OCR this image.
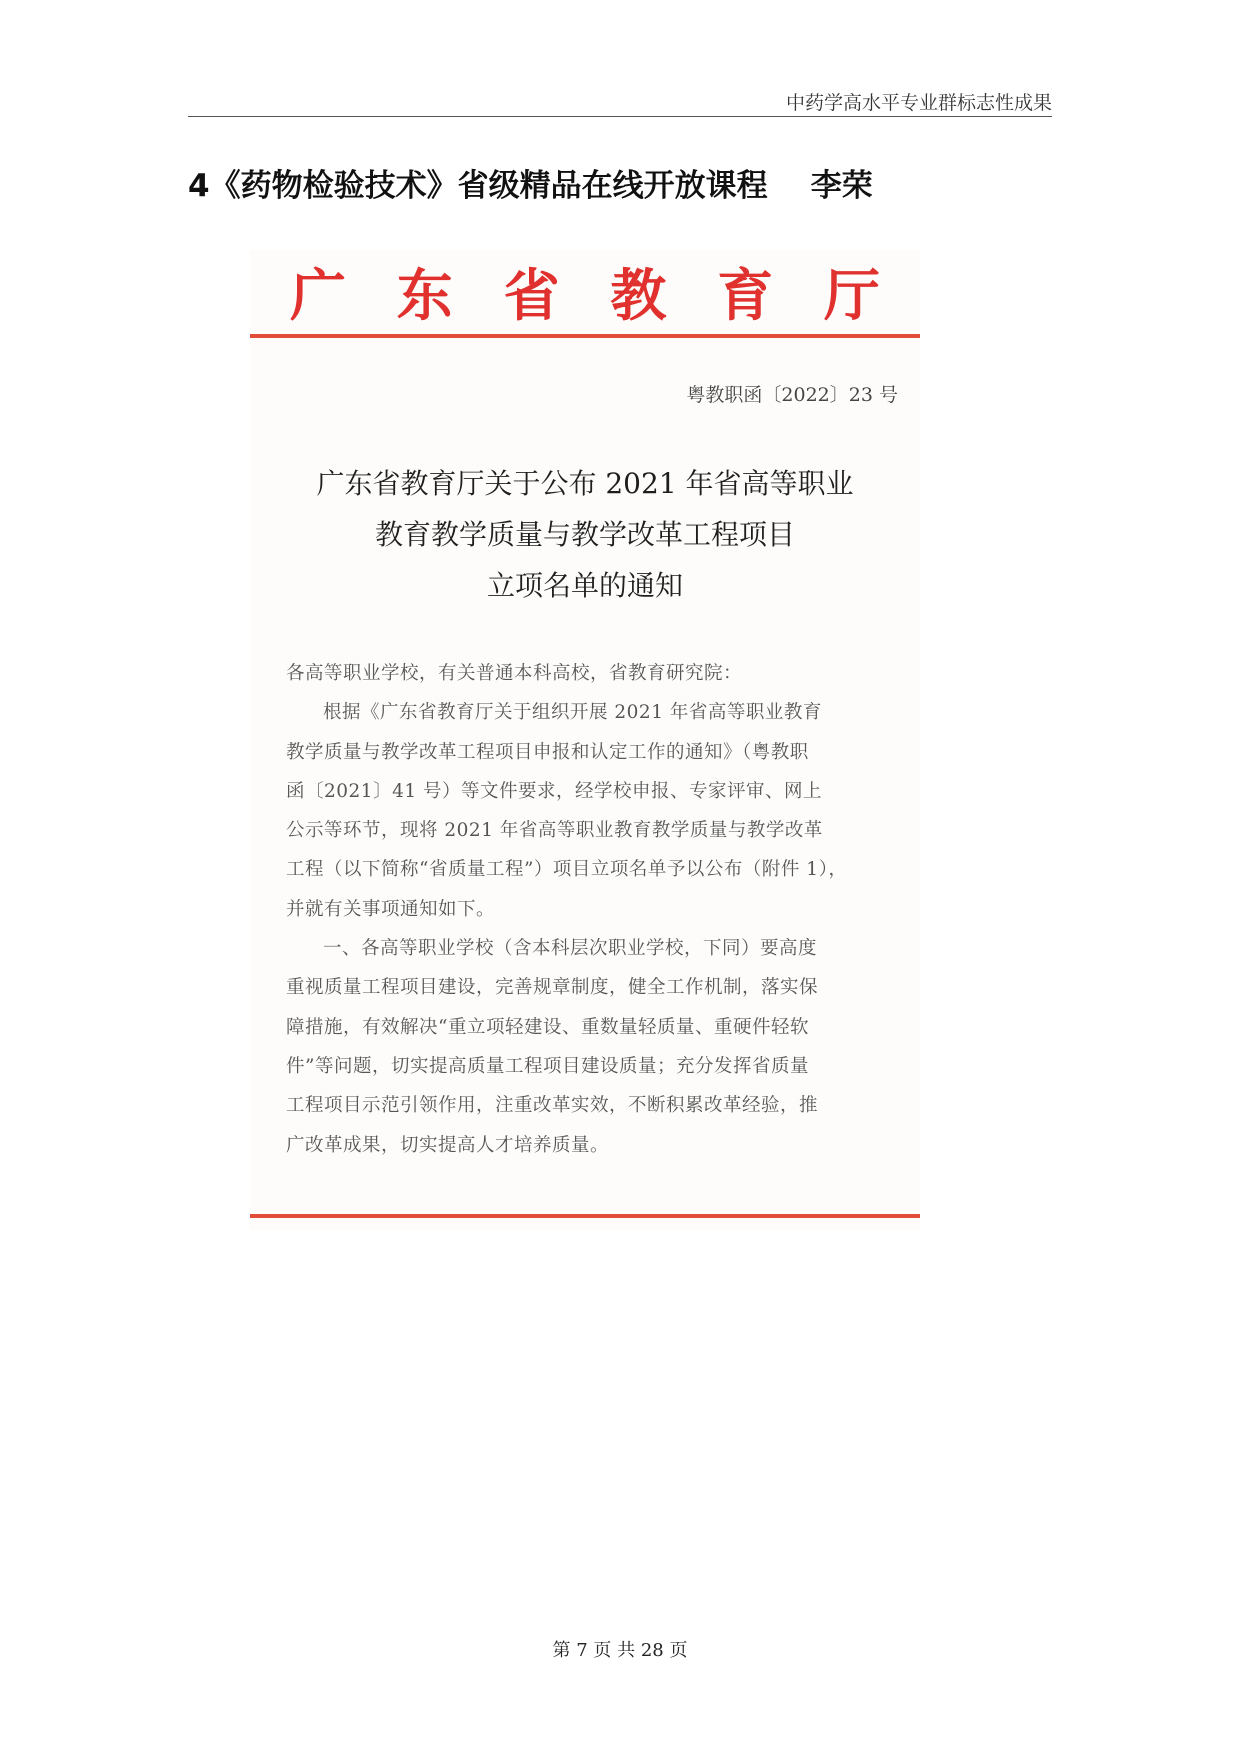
中药学高水平专业群标志性成果
4《药物检验技术》省级精品在线开放课程    李荣
广 东 省 教 育 厅
粤教职函〔2022〕23 号
广东省教育厅关于公布 2021 年省高等职业
教育教学质量与教学改革工程项目
立项名单的通知

各高等职业学校，有关普通本科高校，省教育研究院：

根据《广东省教育厅关于组织开展 2021 年省高等职业教育

教学质量与教学改革工程项目申报和认定工作的通知》（粤教职

函〔2021〕41 号）等文件要求，经学校申报、专家评审、网上

公示等环节，现将 2021 年省高等职业教育教学质量与教学改革

工程（以下简称“省质量工程”）项目立项名单予以公布（附件 1），

并就有关事项通知如下。

一、各高等职业学校（含本科层次职业学校，下同）要高度

重视质量工程项目建设，完善规章制度，健全工作机制，落实保

障措施，有效解决“重立项轻建设、重数量轻质量、重硬件轻软

件”等问题，切实提高质量工程项目建设质量；充分发挥省质量

工程项目示范引领作用，注重改革实效，不断积累改革经验，推

广改革成果，切实提高人才培养质量。

第 7 页 共 28 页
